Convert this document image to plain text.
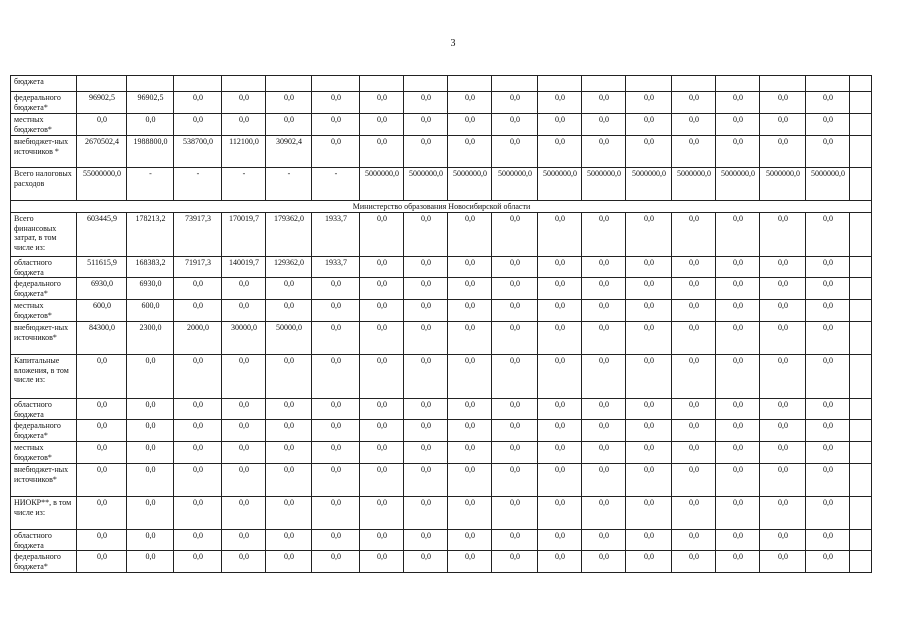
3
бюджета																		
федерального бюджета*	96902,5	96902,5	0,0	0,0	0,0	0,0	0,0	0,0	0,0	0,0	0,0	0,0	0,0	0,0	0,0	0,0	0,0	
местных бюджетов*	0,0	0,0	0,0	0,0	0,0	0,0	0,0	0,0	0,0	0,0	0,0	0,0	0,0	0,0	0,0	0,0	0,0	
внебюджет-ных источников *	2670502,4	1988800,0	538700,0	112100,0	30902,4	0,0	0,0	0,0	0,0	0,0	0,0	0,0	0,0	0,0	0,0	0,0	0,0	
Всего налоговых расходов	55000000,0	-	-	-	-	-	5000000,0	5000000,0	5000000,0	5000000,0	5000000,0	5000000,0	5000000,0	5000000,0	5000000,0	5000000,0	5000000,0	
Министерство образования Новосибирской области																		
Всего финансовых затрат, в том числе из:	603445,9	178213,2	73917,3	170019,7	179362,0	1933,7	0,0	0,0	0,0	0,0	0,0	0,0	0,0	0,0	0,0	0,0	0,0	
областного бюджета	511615,9	168383,2	71917,3	140019,7	129362,0	1933,7	0,0	0,0	0,0	0,0	0,0	0,0	0,0	0,0	0,0	0,0	0,0	
федерального бюджета*	6930,0	6930,0	0,0	0,0	0,0	0,0	0,0	0,0	0,0	0,0	0,0	0,0	0,0	0,0	0,0	0,0	0,0	
местных бюджетов*	600,0	600,0	0,0	0,0	0,0	0,0	0,0	0,0	0,0	0,0	0,0	0,0	0,0	0,0	0,0	0,0	0,0	
внебюджет-ных источников*	84300,0	2300,0	2000,0	30000,0	50000,0	0,0	0,0	0,0	0,0	0,0	0,0	0,0	0,0	0,0	0,0	0,0	0,0	
Капитальные вложения, в том числе из:	0,0	0,0	0,0	0,0	0,0	0,0	0,0	0,0	0,0	0,0	0,0	0,0	0,0	0,0	0,0	0,0	0,0	
областного бюджета	0,0	0,0	0,0	0,0	0,0	0,0	0,0	0,0	0,0	0,0	0,0	0,0	0,0	0,0	0,0	0,0	0,0	
федерального бюджета*	0,0	0,0	0,0	0,0	0,0	0,0	0,0	0,0	0,0	0,0	0,0	0,0	0,0	0,0	0,0	0,0	0,0	
местных бюджетов*	0,0	0,0	0,0	0,0	0,0	0,0	0,0	0,0	0,0	0,0	0,0	0,0	0,0	0,0	0,0	0,0	0,0	
внебюджет-ных источников*	0,0	0,0	0,0	0,0	0,0	0,0	0,0	0,0	0,0	0,0	0,0	0,0	0,0	0,0	0,0	0,0	0,0	
НИОКР**, в том числе из:	0,0	0,0	0,0	0,0	0,0	0,0	0,0	0,0	0,0	0,0	0,0	0,0	0,0	0,0	0,0	0,0	0,0	
областного бюджета	0,0	0,0	0,0	0,0	0,0	0,0	0,0	0,0	0,0	0,0	0,0	0,0	0,0	0,0	0,0	0,0	0,0	
федерального бюджета*	0,0	0,0	0,0	0,0	0,0	0,0	0,0	0,0	0,0	0,0	0,0	0,0	0,0	0,0	0,0	0,0	0,0	
